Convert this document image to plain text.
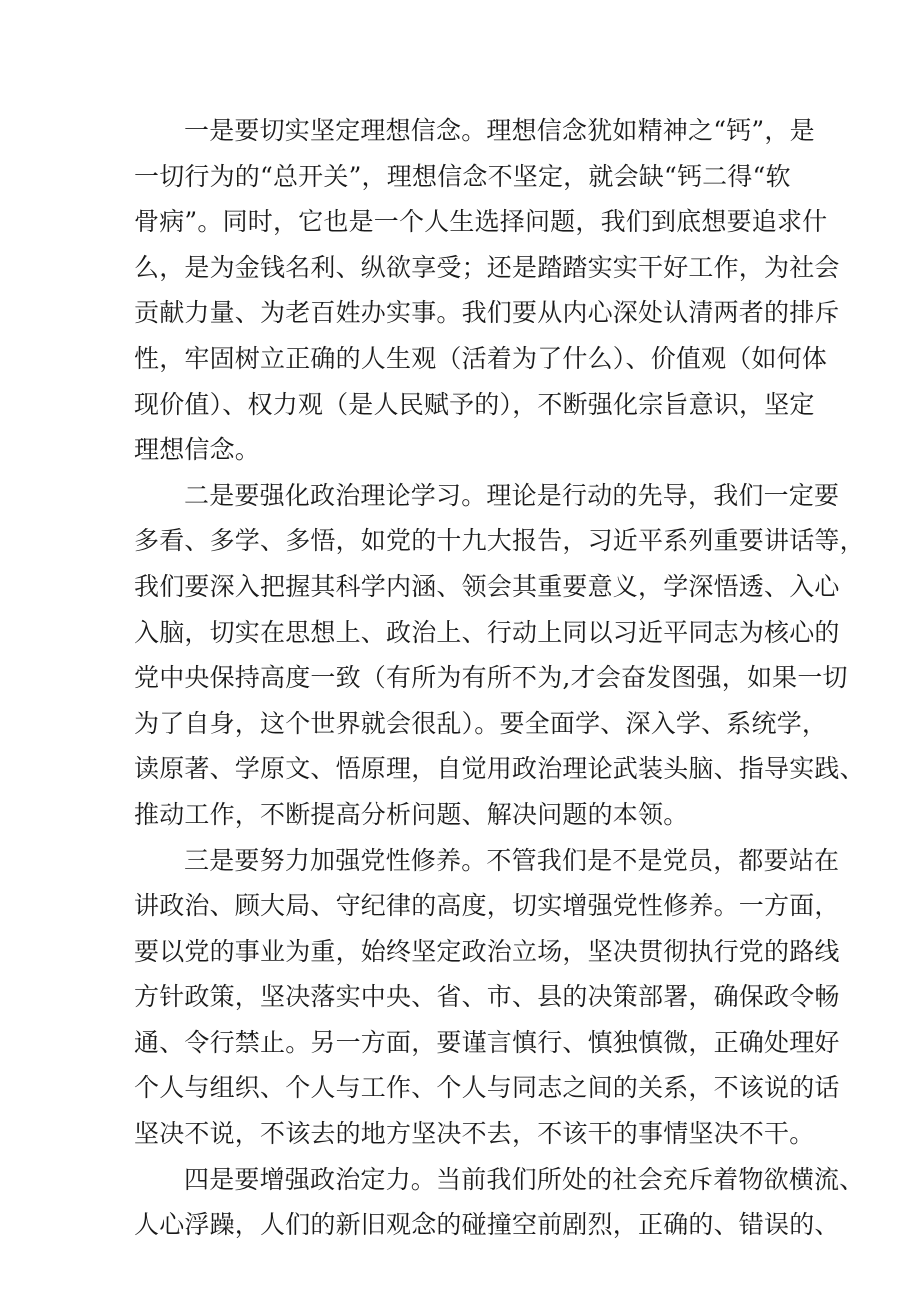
一是要切实坚定理想信念。理想信念犹如精神之“钙”，是
一切行为的“总开关”，理想信念不坚定，就会缺“钙二得“软
骨病”。同时，它也是一个人生选择问题，我们到底想要追求什
么，是为金钱名利、纵欲享受；还是踏踏实实干好工作，为社会
贡献力量、为老百姓办实事。我们要从内心深处认清两者的排斥
性，牢固树立正确的人生观（活着为了什么）、价值观（如何体
现价值）、权力观（是人民赋予的），不断强化宗旨意识，坚定
理想信念。

二是要强化政治理论学习。理论是行动的先导，我们一定要
多看、多学、多悟，如党的十九大报告，习近平系列重要讲话等，
我们要深入把握其科学内涵、领会其重要意义，学深悟透、入心
入脑，切实在思想上、政治上、行动上同以习近平同志为核心的
党中央保持高度一致（有所为有所不为,才会奋发图强，如果一切
为了自身，这个世界就会很乱）。要全面学、深入学、系统学，
读原著、学原文、悟原理，自觉用政治理论武装头脑、指导实践、
推动工作，不断提高分析问题、解决问题的本领。

三是要努力加强党性修养。不管我们是不是党员，都要站在
讲政治、顾大局、守纪律的高度，切实增强党性修养。一方面，
要以党的事业为重，始终坚定政治立场，坚决贯彻执行党的路线
方针政策，坚决落实中央、省、市、县的决策部署，确保政令畅
通、令行禁止。另一方面，要谨言慎行、慎独慎微，正确处理好
个人与组织、个人与工作、个人与同志之间的关系，不该说的话
坚决不说，不该去的地方坚决不去，不该干的事情坚决不干。

四是要增强政治定力。当前我们所处的社会充斥着物欲横流、
人心浮躁，人们的新旧观念的碰撞空前剧烈，正确的、错误的、
